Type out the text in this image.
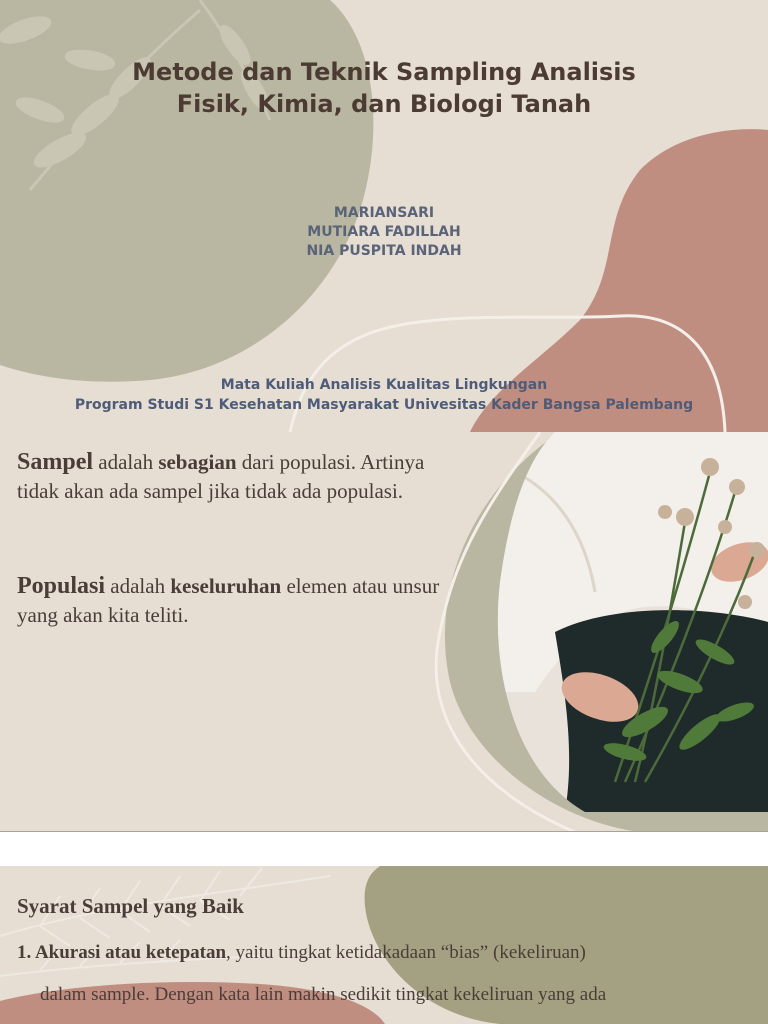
Metode dan Teknik Sampling Analisis
Fisik, Kimia, dan Biologi Tanah
MARIANSARI
MUTIARA FADILLAH
NIA PUSPITA INDAH
Mata Kuliah Analisis Kualitas Lingkungan
Program Studi S1 Kesehatan Masyarakat Univesitas Kader Bangsa Palembang
Sampel adalah sebagian dari populasi. Artinya tidak akan ada sampel jika tidak ada populasi.
Populasi adalah keseluruhan elemen atau unsur yang akan kita teliti.
Syarat Sampel yang Baik
1. Akurasi atau ketepatan, yaitu tingkat ketidakadaan “bias” (kekeliruan)
dalam sample. Dengan kata lain makin sedikit tingkat kekeliruan yang ada
